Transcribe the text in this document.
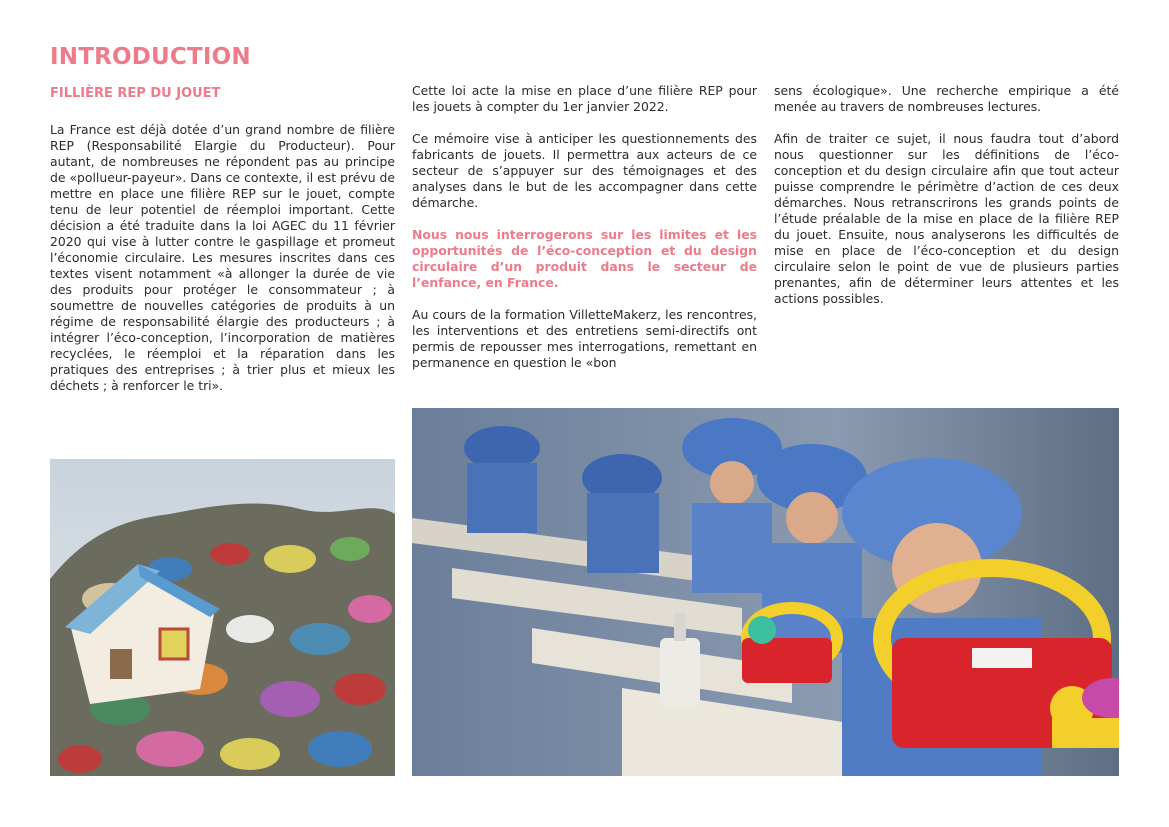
INTRODUCTION
FILLIÈRE REP DU JOUET

La France est déjà dotée d’un grand nombre de filière REP (Responsabilité Elargie du Producteur). Pour autant, de nombreuses ne répondent pas au principe de «pollueur-payeur». Dans ce contexte, il est prévu de mettre en place une filière REP sur le jouet, compte tenu de leur potentiel de réemploi important. Cette décision a été traduite dans la loi AGEC du 11 février 2020 qui vise à lutter contre le gaspillage et promeut l’économie circulaire. Les mesures inscrites dans ces textes visent notamment «à allonger la durée de vie des produits pour protéger le consommateur ; à soumettre de nouvelles catégories de produits à un régime de responsabilité élargie des producteurs ; à intégrer l’éco-conception, l’incorporation de matières recyclées, le réemploi et la réparation dans les pratiques des entreprises ; à trier plus et mieux les déchets ; à renforcer le tri».

Cette loi acte la mise en place d’une filière REP pour les jouets à compter du 1er janvier 2022.

Ce mémoire vise à anticiper les questionnements des fabricants de jouets. Il permettra aux acteurs de ce secteur de s’appuyer sur des témoignages et des analyses dans le but de les accompagner dans cette démarche.

Nous nous interrogerons sur les limites et les opportunités de l’éco-conception et du design circulaire d’un produit dans le secteur de l’enfance, en France.

Au cours de la formation VilletteMakerz, les rencontres, les interventions et des entretiens semi-directifs ont permis de repousser mes interrogations, remettant en permanence en question le «bon

sens écologique». Une recherche empirique a été menée au travers de nombreuses lectures.

Afin de traiter ce sujet, il nous faudra tout d’abord nous questionner sur les définitions de l’éco-conception et du design circulaire afin que tout acteur puisse comprendre le périmètre d’action de ces deux démarches. Nous retranscrirons les grands points de l’étude préalable de la mise en place de la filière REP du jouet. Ensuite, nous analyserons les difficultés de mise en place de l’éco-conception et du design circulaire selon le point de vue de plusieurs parties prenantes, afin de déterminer leurs attentes et les actions possibles.
